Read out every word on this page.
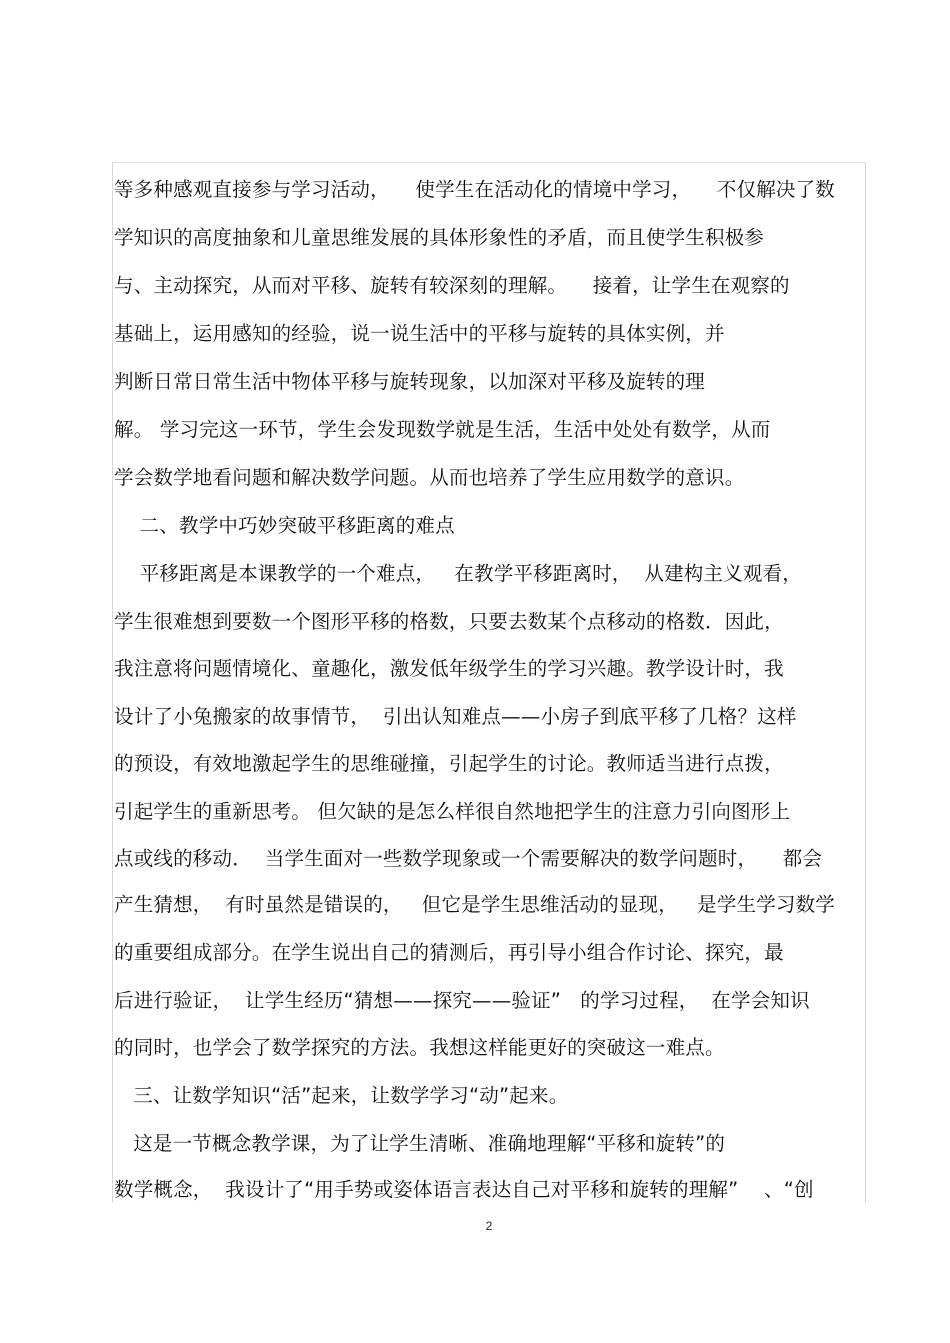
等多种感观直接参与学习活动，    使学生在活动化的情境中学习，    不仅解决了数
学知识的高度抽象和儿童思维发展的具体形象性的矛盾，而且使学生积极参
与、主动探究，从而对平移、旋转有较深刻的理解。    接着，让学生在观察的
基础上，运用感知的经验，说一说生活中的平移与旋转的具体实例，并
判断日常日常生活中物体平移与旋转现象，以加深对平移及旋转的理
解。 学习完这一环节，学生会发现数学就是生活，生活中处处有数学，从而
学会数学地看问题和解决数学问题。从而也培养了学生应用数学的意识。
二、教学中巧妙突破平移距离的难点
平移距离是本课教学的一个难点，   在教学平移距离时，  从建构主义观看，
学生很难想到要数一个图形平移的格数，只要去数某个点移动的格数．因此，
我注意将问题情境化、童趣化，激发低年级学生的学习兴趣。教学设计时，我
设计了小兔搬家的故事情节，  引出认知难点——小房子到底平移了几格？这样
的预设，有效地激起学生的思维碰撞，引起学生的讨论。教师适当进行点拨，
引起学生的重新思考。 但欠缺的是怎么样很自然地把学生的注意力引向图形上
点或线的移动．  当学生面对一些数学现象或一个需要解决的数学问题时，    都会
产生猜想，  有时虽然是错误的，   但它是学生思维活动的显现，   是学生学习数学
的重要组成部分。在学生说出自己的猜测后，再引导小组合作讨论、探究，最
后进行验证，  让学生经历“猜想——探究——验证”   的学习过程，  在学会知识
的同时，也学会了数学探究的方法。我想这样能更好的突破这一难点。
三、让数学知识“活”起来，让数学学习“动”起来。
这是一节概念教学课，为了让学生清晰、准确地理解“平移和旋转”的
数学概念，  我设计了“用手势或姿体语言表达自己对平移和旋转的理解”    、“创
2
